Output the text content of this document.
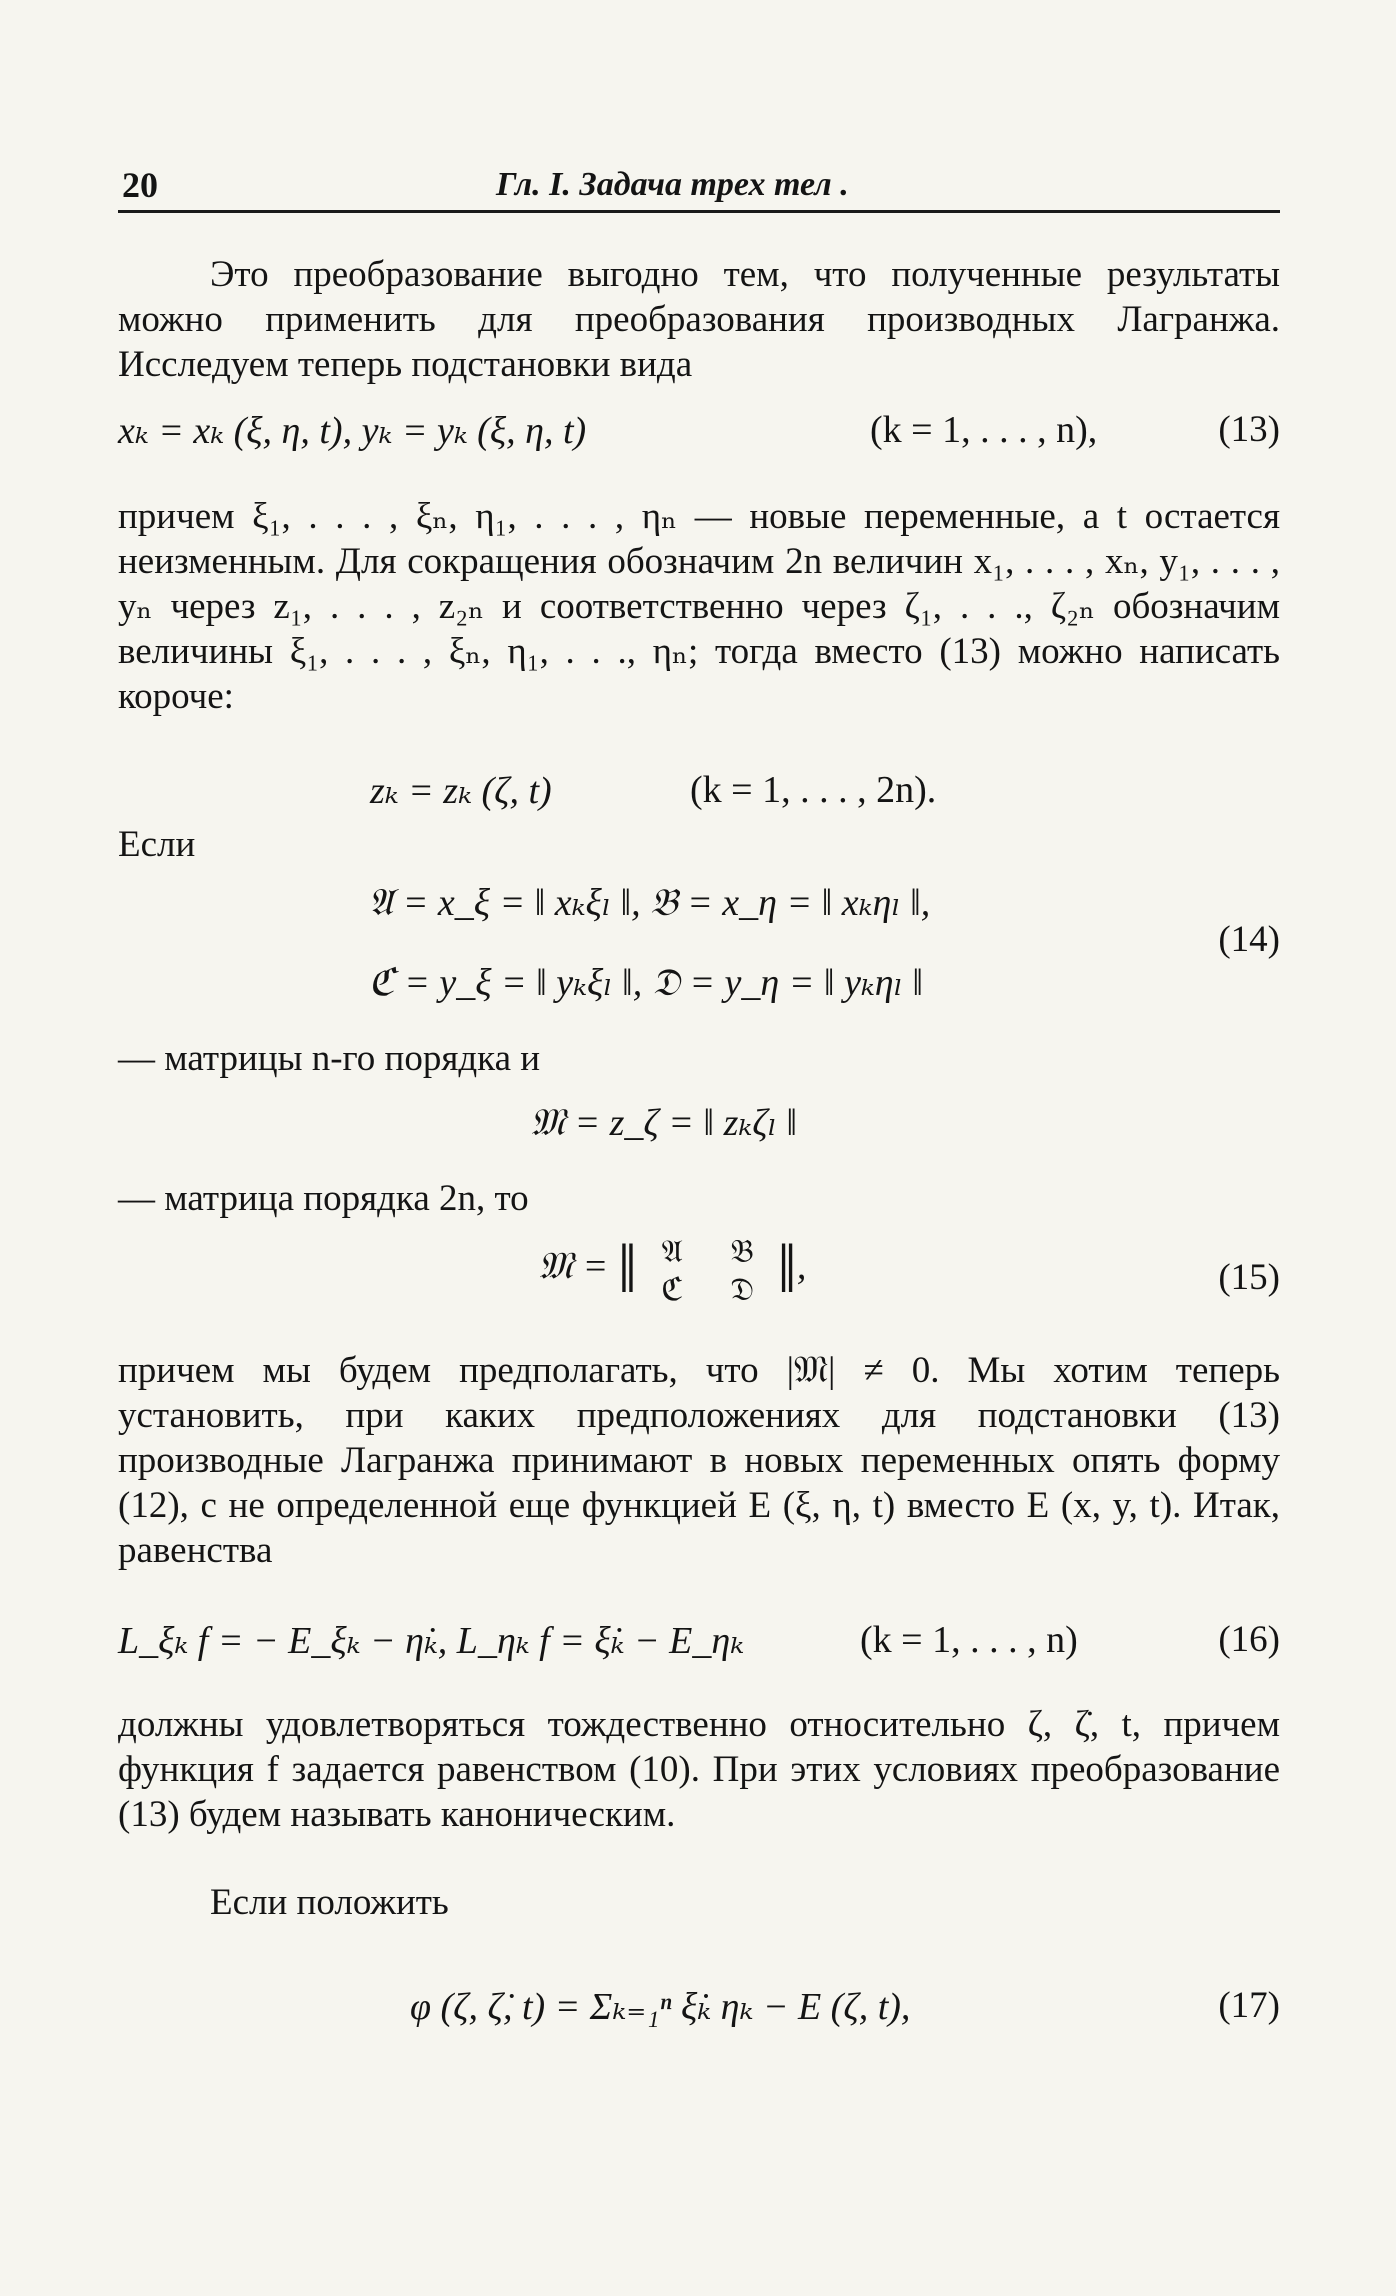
20	Гл. I. Задача трех тел .
Это преобразование выгодно тем, что полученные результаты можно применить для преобразования производных Лагранжа. Исследуем теперь подстановки вида
xₖ = xₖ (ξ, η, t), yₖ = yₖ (ξ, η, t)	(k = 1, . . . , n),	(13)
причем ξ₁, . . . , ξₙ, η₁, . . . , ηₙ — новые переменные, а t остается неизменным. Для сокращения обозначим 2n величин x₁, . . . , xₙ, y₁, . . . , yₙ через z₁, . . . , z₂ₙ и соответственно через ζ₁, . . ., ζ₂ₙ обозначим величины ξ₁, . . . , ξₙ, η₁, . . ., ηₙ; тогда вместо (13) можно написать короче:
zₖ = zₖ (ζ, t)	(k = 1, . . . , 2n).
Если
𝔄 = x_ξ = ‖ xₖξₗ ‖, 𝔅 = x_η = ‖ xₖηₗ ‖,
ℭ = y_ξ = ‖ yₖξₗ ‖, 𝔇 = y_η = ‖ yₖηₗ ‖
(14)
— матрицы n-го порядка и
𝔐 = z_ζ = ‖ zₖζₗ ‖
— матрица порядка 2n, то
𝔐 = ‖ 𝔄 𝔅
ℭ 𝔇 ‖,	(15)
причем мы будем предполагать, что |𝔐| ≠ 0. Мы хотим теперь установить, при каких предположениях для подстановки (13) производные Лагранжа принимают в новых переменных опять форму (12), с не определенной еще функцией E (ξ, η, t) вместо E (x, y, t). Итак, равенства
L_ξₖ f = − E_ξₖ − η̇ₖ, L_ηₖ f = ξ̇ₖ − E_ηₖ	(k = 1, . . . , n)	(16)
должны удовлетворяться тождественно относительно ζ, ζ̇, t, причем функция f задается равенством (10). При этих условиях преобразование (13) будем называть каноническим.
Если положить
φ (ζ, ζ̇, t) = Σₖ₌₁ⁿ ξ̇ₖ ηₖ − E (ζ, t),	(17)
